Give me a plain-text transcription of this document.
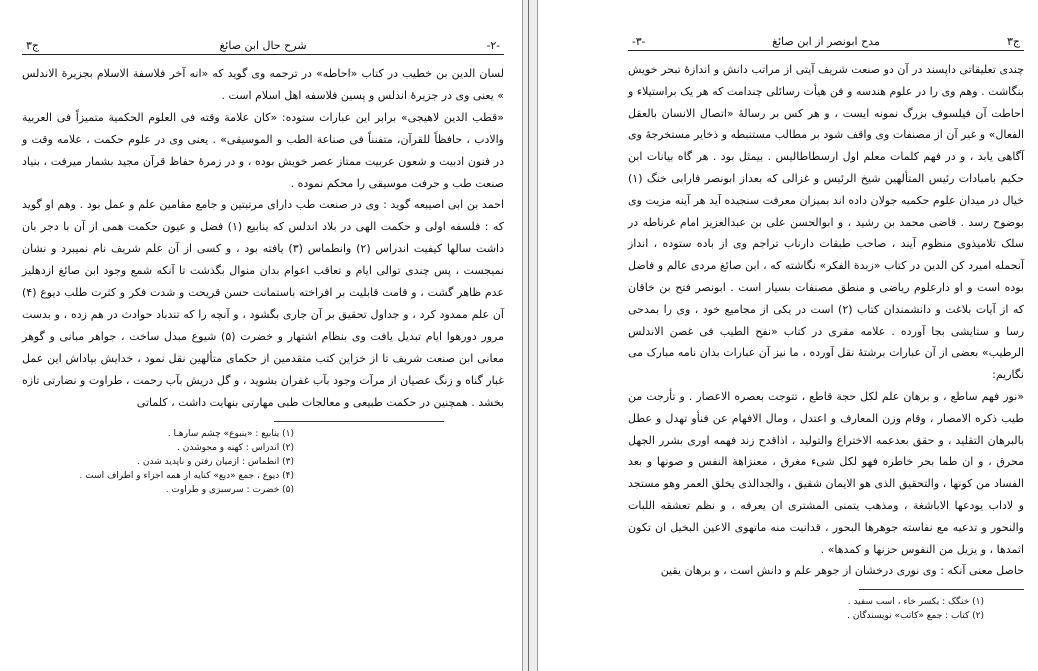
ج۳	شرح حال ابن صائغ	-۲-

لسان الدین بن خطیب در کتاب «احاطه» در ترجمه وی گوید که «انه آخر فلاسفة الاسلام بجزیرة الاندلس » یعنی وی در جزیرهٔ اندلس و پسین فلاسفه اهل اسلام است .

«قطب الدین لاهیجی» برابر این عبارات ستوده: «کان علامة وقته فی العلوم الحکمیة متمیزاً فی العربیة والادب ، حافظاً للقرآن، متفنناً فی صناعة الطب و الموسیقی» . یعنی وی در علوم حکمت ، علامه وقت و در فنون ادبیت و شعون عربیت ممتاز عصر خویش بوده ، و در زمرهٔ حفاظ قرآن مجید بشمار میرفت ، بنیاد صنعت طب و حرفت موسیقی را محکم نموده .

احمد بن ابی اصیبعه گوید : وی در صنعت طب دارای مرتبتین و جامع مقامین علم و عمل بود . وهم او گوید که : فلسفه اولی و حکمت الهی در بلاد اندلس که ینابیع (۱) فضل و عیون حکمت همی از آن با دجر بان داشت سالها کیفیت اندراس (۲) وانطماس (۳) یافته بود ، و کسی از آن علم شریف نام نمیبرد و نشان نمیجست ، پس چندی توالی ایام و تعاقب اعوام بدان منوال بگذشت تا آنکه شمع وجود ابن صائغ ازدهلیز عدم ظاهر گشت ، و قامت قابلیت بر افراخته باستمانت حسن قریحت و شدت فکر و کثرت طلب دیوع (۴) آن علم ممدود کرد ، و جداول تحقیق بر آن جاری بگشود ، و آنچه را که تندباد حوادث در هم زده ، و بدست مرور دورهوا ایام تبدیل یافت وی بنظام اشتهار و خضرت (۵) شیوع مبدل ساخت ، جواهر مبانی و گوهر معانی ابن صنعت شریف تا از خزاین کتب متقدمین از حکمای متألهین نقل نمود ، خدایش بپاداش این عمل غبار گناه و زنگ عصیان از مرآت وجود بآب غفران بشوید ، و گل دریش بآب رحمت ، طراوت و نضارتی تازه بخشد . همچنین در حکمت طبیعی و معالجات طبی مهارتی بنهایت داشت ، کلماتی

(۱) ینابیع : «ینبوع» چشم سارهـا .
(۲) اندراس : کهنه و محوشدن .
(۳) انطماس : ازمیان رفتن و ناپدید شدن .
(۴) دیوع ، جمع «دیع» کنایه از همه اجزاء و اطراف است .
(۵) خضرت : سرسبزی و طراوت .
-۳-	مدح ابونصر از ابن صائغ	ج۳

چندی تعلیقاتی داپسند در آن دو صنعت شریف آیتی از مراتب دانش و اندازهٔ تبحر خویش بنگاشت . وهم وی را در علوم هندسه و فن هیأت رسائلی چندامت که هر یک براستیلاء و احاطت آن فیلسوف بزرگ نمونه ایست ، و هر کس بر رسالهٔ «اتصال الانسان بالعقل الفعال» و غیر آن از مصنفات وی واقف شود بر مطالب مستنبطه و ذخایر مستخرجهٔ وی آگاهی یابد ، و در فهم کلمات معلم اول ارسطاطالیس . بیمثل بود . هر گاه بیانات ابن حکیم بامبادات رئیس المتألهین شیخ الرئیس و غزالی که بعداز ابونصر فارابی خنگ (۱) خیال در میدان علوم حکمیه جولان داده اند بمیزان معرفت سنجیده آید هر آینه مزیت وی بوضوح رسد . قاضی محمد بن رشید ، و ابوالحسن علی بن عبدالعزیز امام غرناطه در سلک تلامیذوی منظوم آیند ، صاحب طبقات دارناب تراجم وی از باده ستوده ، انداز آنجمله امیرد کن الدین در کتاب «زبدة الفکر» نگاشته که ، ابن صائغ مردی عالم و فاضل بوده است و او دارعلوم ریاضی و منطق مصنفات بسیار است . ابونصر فتح بن خاقان که از آیات بلاغت و دانشمندان کتاب (۲) است در یکی از مجامیع خود ، وی را بمدحی رسا و ستایشی بجا آورده . علامه مقری در کتاب «نفح الطیب فی غصن الاندلس الرطیب» بعضی از آن عبارات برشتهٔ نقل آورده ، ما نیز آن عبارات بدان نامه مبارک می نگاریم:

«نور فهم ساطع ، و برهان علم لکل حجة قاطع ، تتوجت بعصره الاعصار . و تأرجت من طیب ذکره الامصار ، وقام وزن المعارف و اعتدل ، ومال الافهام عن فنأو تهدل و عطل بالبرهان التقلید ، و حقق بعدعمه الاختراع والتولید ، اذاقدح زند فهمه اوری بشرر الجهل محرق ، و ان طما بحر خاطره فهو لکل شیء مغرق ، معنزاهة النفس و صونها و بعد الفساد من کونها ، والتحقیق الذی هو الایمان شقیق ، والجدالذی یخلق العمر وهو مستجد و لاداب یودعها الاباشغة ، ومذهب یتمنی المشتری ان یعرفه ، و نظم تعشقه اللبات والنحور و تدعیه مع نفاسته جوهرها البحور ، قدانیت منه ماتهوی الاعین البخیل ان تکون اثمدها ، و یزیل من النفوس حزنها و کمدها» .

حاصل معنی آنکه : وی نوری درخشان از جوهر علم و دانش است ، و برهان یقین

(۱) خنگک : یکسر خاء ، اسب سفید .
(۲) کتاب : جمع «کاتب» نویسندگان .
